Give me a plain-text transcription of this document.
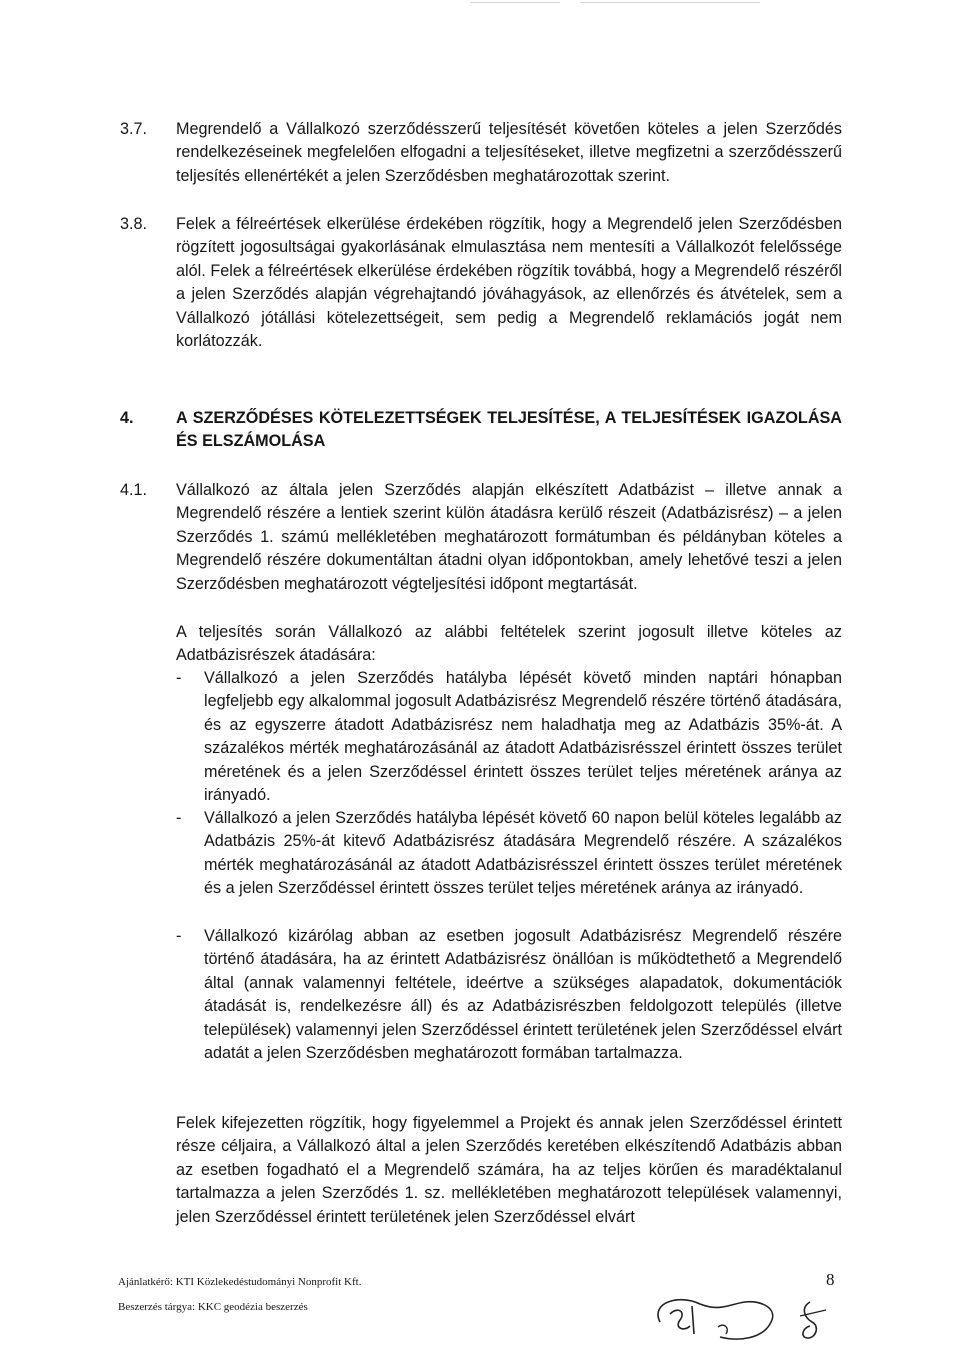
3.7. Megrendelő a Vállalkozó szerződésszerű teljesítését követően köteles a jelen Szerződés rendelkezéseinek megfelelően elfogadni a teljesítéseket, illetve megfizetni a szerződésszerű teljesítés ellenértékét a jelen Szerződésben meghatározottak szerint.

3.8. Felek a félreértések elkerülése érdekében rögzítik, hogy a Megrendelő jelen Szerződésben rögzített jogosultságai gyakorlásának elmulasztása nem mentesíti a Vállalkozót felelőssége alól. Felek a félreértések elkerülése érdekében rögzítik továbbá, hogy a Megrendelő részéről a jelen Szerződés alapján végrehajtandó jóváhagyások, az ellenőrzés és átvételek, sem a Vállalkozó jótállási kötelezettségeit, sem pedig a Megrendelő reklamációs jogát nem korlátozzák.

4.	A SZERZŐDÉSES KÖTELEZETTSÉGEK TELJESÍTÉSE, A TELJESÍTÉSEK IGAZOLÁSA ÉS ELSZÁMOLÁSA

4.1. Vállalkozó az általa jelen Szerződés alapján elkészített Adatbázist – illetve annak a Megrendelő részére a lentiek szerint külön átadásra kerülő részeit (Adatbázisrész) – a jelen Szerződés 1. számú mellékletében meghatározott formátumban és példányban köteles a Megrendelő részére dokumentáltan átadni olyan időpontokban, amely lehetővé teszi a jelen Szerződésben meghatározott végteljesítési időpont megtartását.

A teljesítés során Vállalkozó az alábbi feltételek szerint jogosult illetve köteles az Adatbázisrészek átadására:

- Vállalkozó a jelen Szerződés hatályba lépését követő minden naptári hónapban legfeljebb egy alkalommal jogosult Adatbázisrész Megrendelő részére történő átadására, és az egyszerre átadott Adatbázisrész nem haladhatja meg az Adatbázis 35%-át. A százalékos mérték meghatározásánál az átadott Adatbázisrésszel érintett összes terület méretének és a jelen Szerződéssel érintett összes terület teljes méretének aránya az irányadó.

- Vállalkozó a jelen Szerződés hatályba lépését követő 60 napon belül köteles legalább az Adatbázis 25%-át kitevő Adatbázisrész átadására Megrendelő részére. A százalékos mérték meghatározásánál az átadott Adatbázisrésszel érintett összes terület méretének és a jelen Szerződéssel érintett összes terület teljes méretének aránya az irányadó.

- Vállalkozó kizárólag abban az esetben jogosult Adatbázisrész Megrendelő részére történő átadására, ha az érintett Adatbázisrész önállóan is működtethető a Megrendelő által (annak valamennyi feltétele, ideértve a szükséges alapadatok, dokumentációk átadását is, rendelkezésre áll) és az Adatbázisrészben feldolgozott település (illetve települések) valamennyi jelen Szerződéssel érintett területének jelen Szerződéssel elvárt adatát a jelen Szerződésben meghatározott formában tartalmazza.

Felek kifejezetten rögzítik, hogy figyelemmel a Projekt és annak jelen Szerződéssel érintett része céljaira, a Vállalkozó által a jelen Szerződés keretében elkészítendő Adatbázis abban az esetben fogadható el a Megrendelő számára, ha az teljes körűen és maradéktalanul tartalmazza a jelen Szerződés 1. sz. mellékletében meghatározott települések valamennyi, jelen Szerződéssel érintett területének jelen Szerződéssel elvárt

Ajánlatkérő: KTI Közlekedéstudományi Nonprofit Kft.
Beszerzés tárgya: KKC geodézia beszerzés
8
